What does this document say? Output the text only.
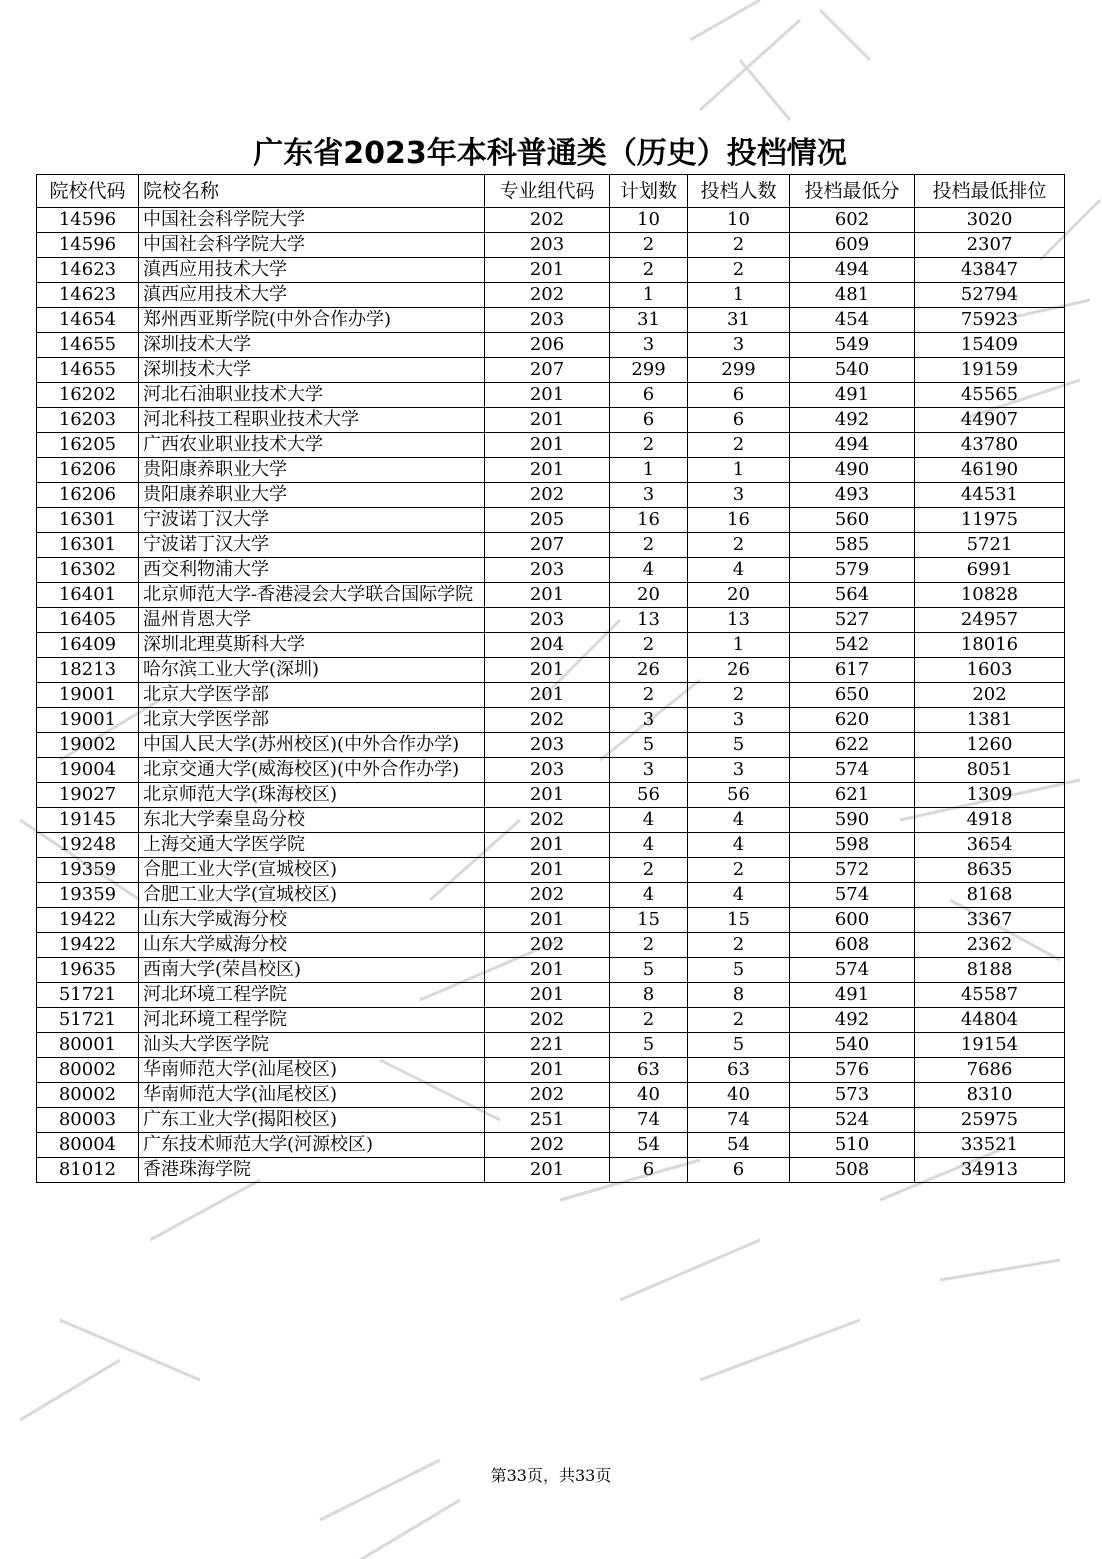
广东省2023年本科普通类（历史）投档情况
院校代码	院校名称	专业组代码	计划数	投档人数	投档最低分	投档最低排位
14596	中国社会科学院大学	202	10	10	602	3020
14596	中国社会科学院大学	203	2	2	609	2307
14623	滇西应用技术大学	201	2	2	494	43847
14623	滇西应用技术大学	202	1	1	481	52794
14654	郑州西亚斯学院(中外合作办学)	203	31	31	454	75923
14655	深圳技术大学	206	3	3	549	15409
14655	深圳技术大学	207	299	299	540	19159
16202	河北石油职业技术大学	201	6	6	491	45565
16203	河北科技工程职业技术大学	201	6	6	492	44907
16205	广西农业职业技术大学	201	2	2	494	43780
16206	贵阳康养职业大学	201	1	1	490	46190
16206	贵阳康养职业大学	202	3	3	493	44531
16301	宁波诺丁汉大学	205	16	16	560	11975
16301	宁波诺丁汉大学	207	2	2	585	5721
16302	西交利物浦大学	203	4	4	579	6991
16401	北京师范大学-香港浸会大学联合国际学院	201	20	20	564	10828
16405	温州肯恩大学	203	13	13	527	24957
16409	深圳北理莫斯科大学	204	2	1	542	18016
18213	哈尔滨工业大学(深圳)	201	26	26	617	1603
19001	北京大学医学部	201	2	2	650	202
19001	北京大学医学部	202	3	3	620	1381
19002	中国人民大学(苏州校区)(中外合作办学)	203	5	5	622	1260
19004	北京交通大学(威海校区)(中外合作办学)	203	3	3	574	8051
19027	北京师范大学(珠海校区)	201	56	56	621	1309
19145	东北大学秦皇岛分校	202	4	4	590	4918
19248	上海交通大学医学院	201	4	4	598	3654
19359	合肥工业大学(宣城校区)	201	2	2	572	8635
19359	合肥工业大学(宣城校区)	202	4	4	574	8168
19422	山东大学威海分校	201	15	15	600	3367
19422	山东大学威海分校	202	2	2	608	2362
19635	西南大学(荣昌校区)	201	5	5	574	8188
51721	河北环境工程学院	201	8	8	491	45587
51721	河北环境工程学院	202	2	2	492	44804
80001	汕头大学医学院	221	5	5	540	19154
80002	华南师范大学(汕尾校区)	201	63	63	576	7686
80002	华南师范大学(汕尾校区)	202	40	40	573	8310
80003	广东工业大学(揭阳校区)	251	74	74	524	25975
80004	广东技术师范大学(河源校区)	202	54	54	510	33521
81012	香港珠海学院	201	6	6	508	34913
第33页，共33页
